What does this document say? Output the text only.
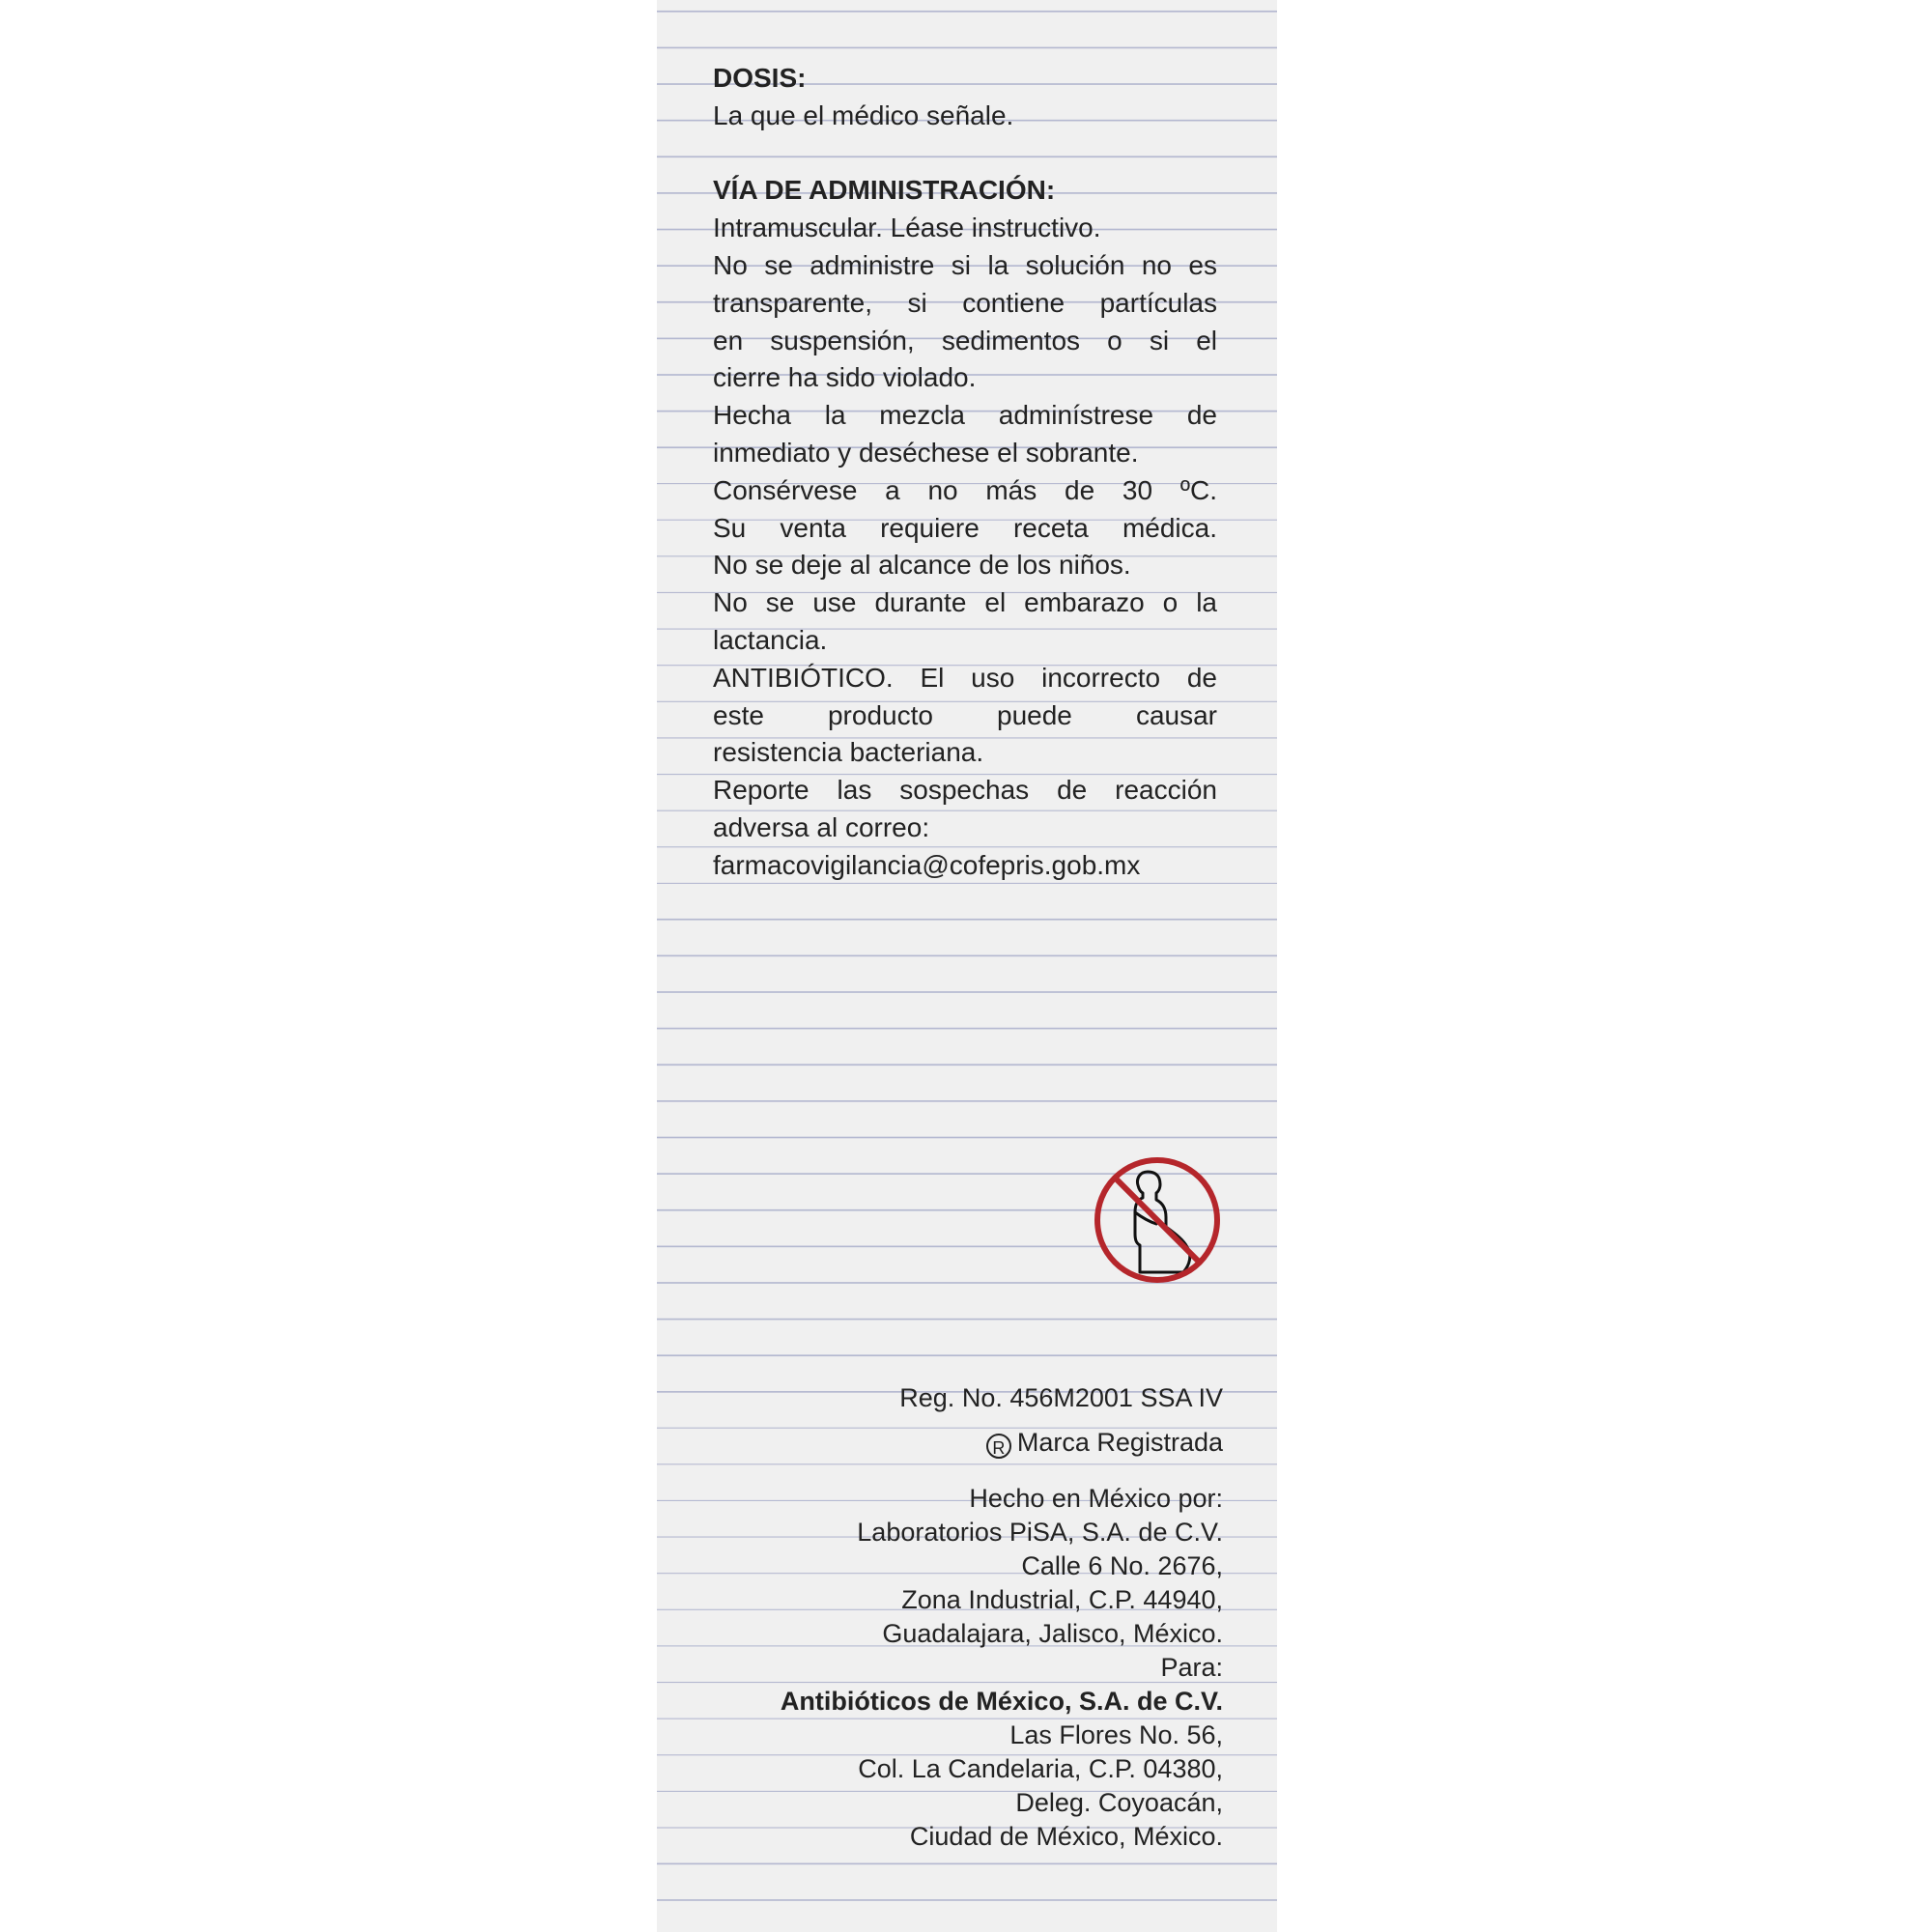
DOSIS:

La que el médico señale.

VÍA DE ADMINISTRACIÓN:

Intramuscular. Léase instructivo.

No se administre si la solución no es

transparente, si contiene partículas

en suspensión, sedimentos o si el

cierre ha sido violado.

Hecha la mezcla adminístrese de

inmediato y deséchese el sobrante.

Consérvese a no más de 30 ºC.

Su venta requiere receta médica.

No se deje al alcance de los niños.

No se use durante el embarazo o la

lactancia.

ANTIBIÓTICO. El uso incorrecto de

este producto puede causar

resistencia bacteriana.

Reporte las sospechas de reacción

adversa al correo:

farmacovigilancia@cofepris.gob.mx

Reg. No. 456M2001 SSA IV

R Marca Registrada

Hecho en México por:

Laboratorios PiSA, S.A. de C.V.

Calle 6 No. 2676,

Zona Industrial, C.P. 44940,

Guadalajara, Jalisco, México.

Para:

Antibióticos de México, S.A. de C.V.

Las Flores No. 56,

Col. La Candelaria, C.P. 04380,

Deleg. Coyoacán,

Ciudad de México, México.
